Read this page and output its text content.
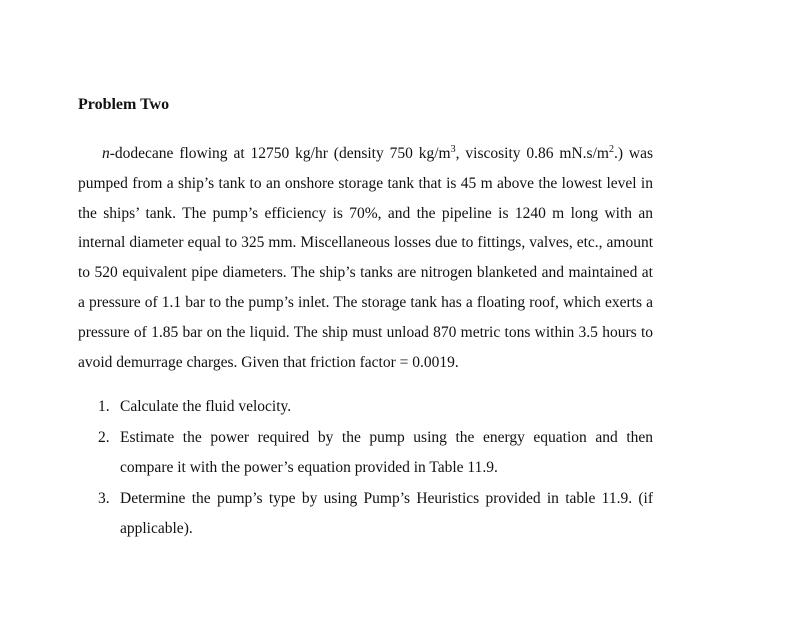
Problem Two

n-dodecane flowing at 12750 kg/hr (density 750 $kg/m^3$, viscosity 0.86 $mN.s/m^2$.) was pumped from a ship’s tank to an onshore storage tank that is 45 m above the lowest level in the ships’ tank. The pump’s efficiency is 70%, and the pipeline is 1240 m long with an internal diameter equal to 325 mm. Miscellaneous losses due to fittings, valves, etc., amount to 520 equivalent pipe diameters. The ship’s tanks are nitrogen blanketed and maintained at a pressure of 1.1 bar to the pump’s inlet. The storage tank has a floating roof, which exerts a pressure of 1.85 bar on the liquid. The ship must unload 870 metric tons within 3.5 hours to avoid demurrage charges. Given that friction factor = 0.0019.

1. Calculate the fluid velocity.
2. Estimate the power required by the pump using the energy equation and then compare it with the power’s equation provided in Table 11.9.
3. Determine the pump’s type by using Pump’s Heuristics provided in table 11.9. (if applicable).
